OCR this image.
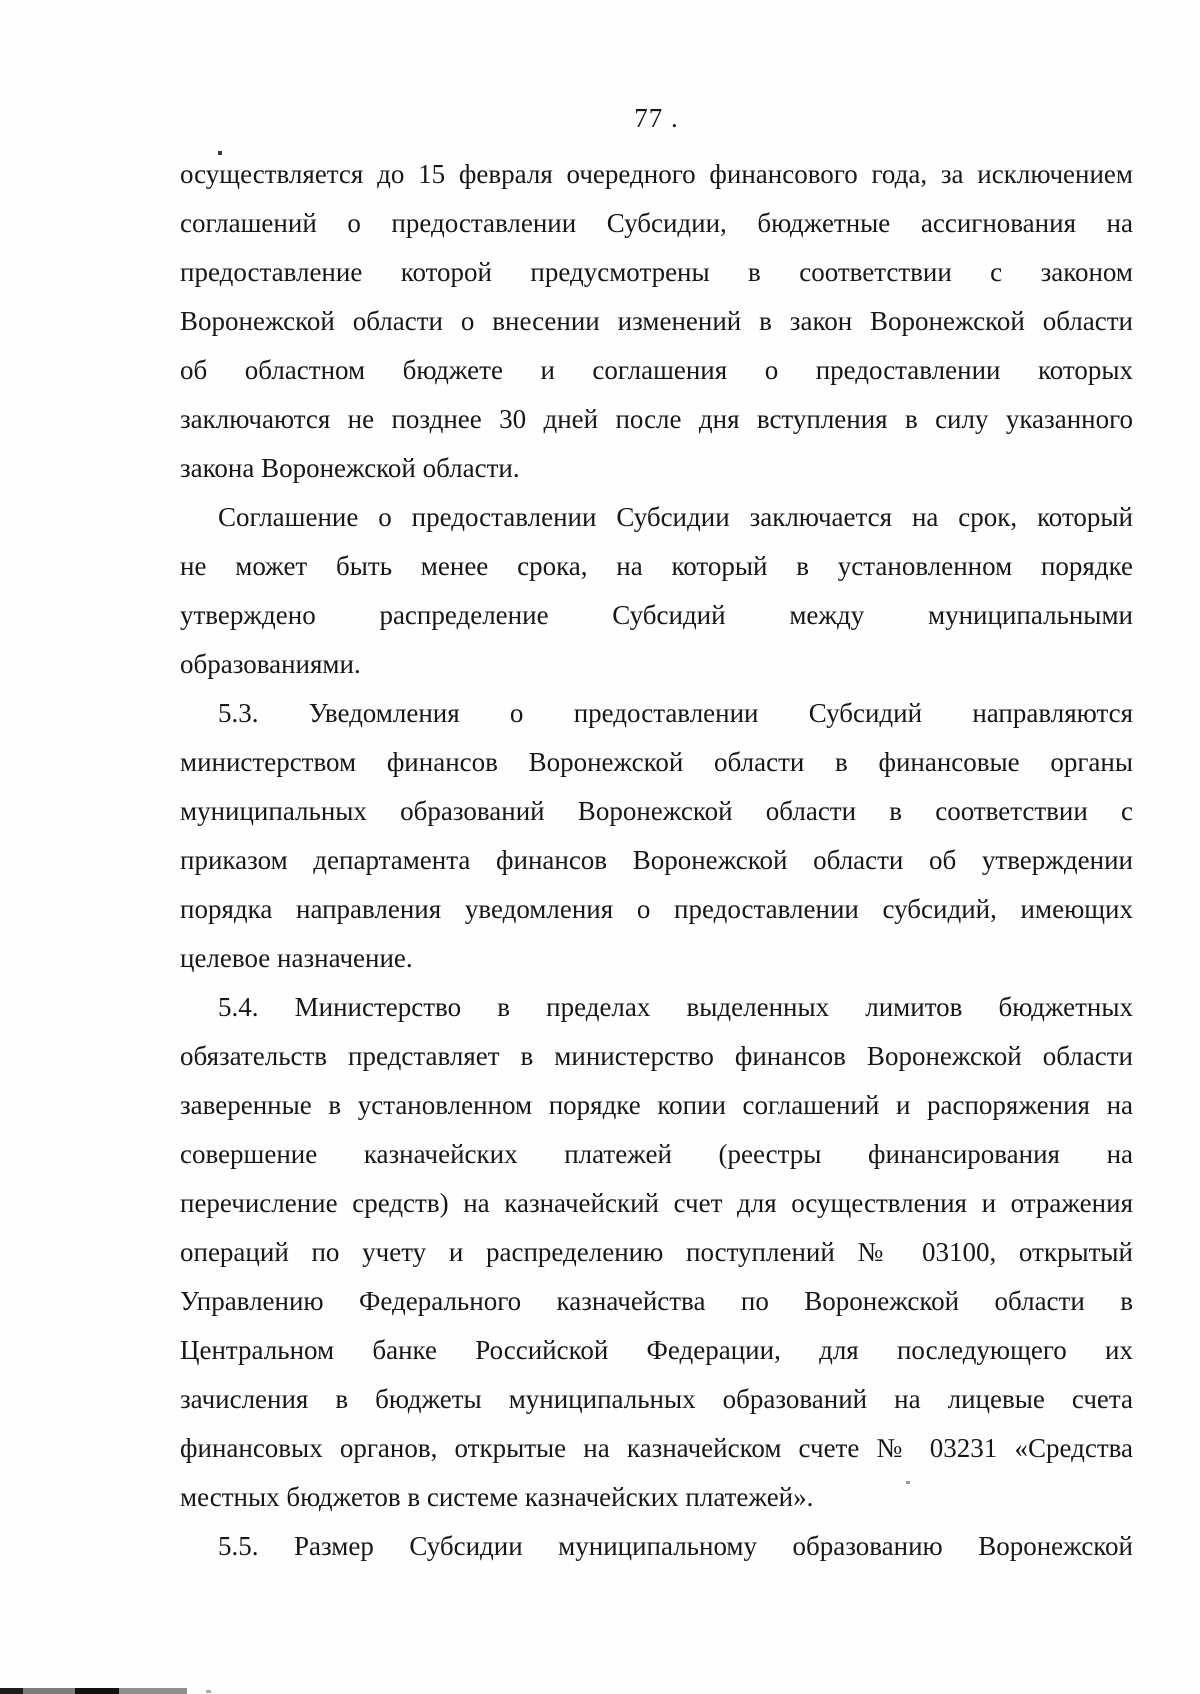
77 .
осуществляется до 15 февраля очередного финансового года, за исключением
соглашений о предоставлении Субсидии, бюджетные ассигнования на
предоставление которой предусмотрены в соответствии с законом
Воронежской области о внесении изменений в закон Воронежской области
об областном бюджете и соглашения о предоставлении которых
заключаются не позднее 30 дней после дня вступления в силу указанного
закона Воронежской области.
Соглашение о предоставлении Субсидии заключается на срок, который
не может быть менее срока, на который в установленном порядке
утверждено распределение Субсидий между муниципальными
образованиями.
5.3. Уведомления о предоставлении Субсидий направляются
министерством финансов Воронежской области в финансовые органы
муниципальных образований Воронежской области в соответствии с
приказом департамента финансов Воронежской области об утверждении
порядка направления уведомления о предоставлении субсидий, имеющих
целевое назначение.
5.4. Министерство в пределах выделенных лимитов бюджетных
обязательств представляет в министерство финансов Воронежской области
заверенные в установленном порядке копии соглашений и распоряжения на
совершение казначейских платежей (реестры финансирования на
перечисление средств) на казначейский счет для осуществления и отражения
операций по учету и распределению поступлений № 03100, открытый
Управлению Федерального казначейства по Воронежской области в
Центральном банке Российской Федерации, для последующего их
зачисления в бюджеты муниципальных образований на лицевые счета
финансовых органов, открытые на казначейском счете № 03231 «Средства
местных бюджетов в системе казначейских платежей».
5.5. Размер Субсидии муниципальному образованию Воронежской
